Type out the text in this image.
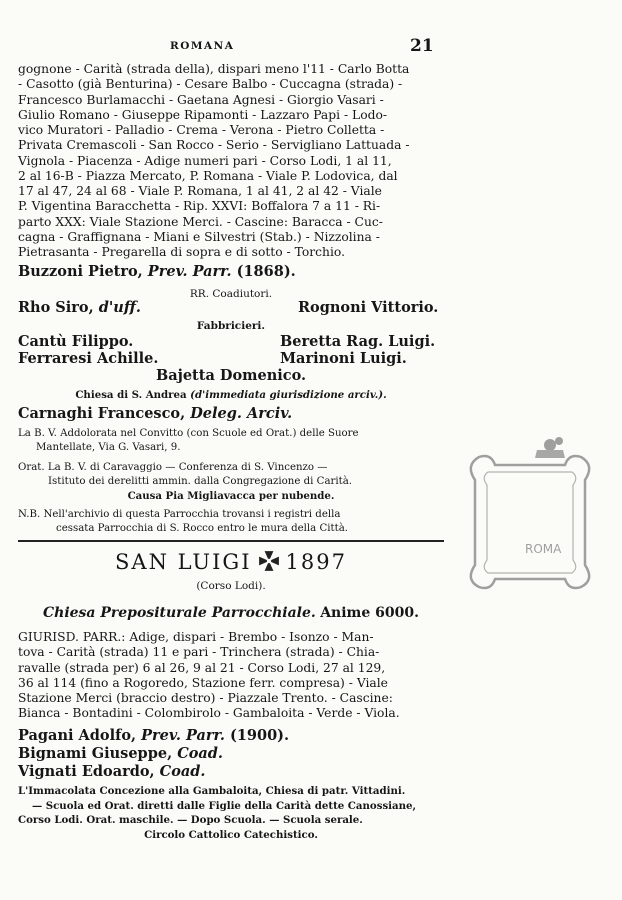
ROMANA	21
gognone - Carità (strada della), dispari meno l'11 - Carlo Botta
- Casotto (già Benturina) - Cesare Balbo - Cuccagna (strada) -
Francesco Burlamacchi - Gaetana Agnesi - Giorgio Vasari -
Giulio Romano - Giuseppe Ripamonti - Lazzaro Papi - Lodo-
vico Muratori - Palladio - Crema - Verona - Pietro Colletta -
Privata Cremascoli - San Rocco - Serio - Servigliano Lattuada -
Vignola - Piacenza - Adige numeri pari - Corso Lodi, 1 al 11,
2 al 16-B - Piazza Mercato, P. Romana - Viale P. Lodovica, dal
17 al 47, 24 al 68 - Viale P. Romana, 1 al 41, 2 al 42 - Viale
P. Vigentina Baracchetta - Rip. XXVI: Boffalora 7 a 11 - Ri-
parto XXX: Viale Stazione Merci. - Cascine: Baracca - Cuc-
cagna - Graffignana - Miani e Silvestri (Stab.) - Nizzolina -
Pietrasanta - Pregarella di sopra e di sotto - Torchio.
Buzzoni Pietro, Prev. Parr. (1868).
RR. Coadiutori.
Rho Siro, d'uff.	Rognoni Vittorio.
Fabbricieri.
Cantù Filippo.	Beretta Rag. Luigi.
Ferraresi Achille.	Marinoni Luigi.
Bajetta Domenico.
Chiesa di S. Andrea (d'immediata giurisdizione arciv.).
Carnaghi Francesco, Deleg. Arciv.
La B. V. Addolorata nel Convitto (con Scuole ed Orat.) delle Suore
Mantellate, Via G. Vasari, 9.
Orat. La B. V. di Caravaggio — Conferenza di S. Vincenzo —
Istituto dei derelitti ammin. dalla Congregazione di Carità.
Causa Pia Migliavacca per nubende.
N.B. Nell'archivio di questa Parrocchia trovansi i registri della
cessata Parrocchia di S. Rocco entro le mura della Città.
SAN LUIGI 1897
(Corso Lodi).
Chiesa Prepositurale Parrocchiale. Anime 6000.
GIURISD. PARR.: Adige, dispari - Brembo - Isonzo - Man-
tova - Carità (strada) 11 e pari - Trinchera (strada) - Chia-
ravalle (strada per) 6 al 26, 9 al 21 - Corso Lodi, 27 al 129,
36 al 114 (fino a Rogoredo, Stazione ferr. compresa) - Viale
Stazione Merci (braccio destro) - Piazzale Trento. - Cascine:
Bianca - Bontadini - Colombirolo - Gambaloita - Verde - Viola.
Pagani Adolfo, Prev. Parr. (1900).
Bignami Giuseppe, Coad.
Vignati Edoardo, Coad.
L'Immacolata Concezione alla Gambaloita, Chiesa di patr. Vittadini.
— Scuola ed Orat. diretti dalle Figlie della Carità dette Canossiane,
Corso Lodi. Orat. maschile. — Dopo Scuola. — Scuola serale.
Circolo Cattolico Catechistico.
ROMA
